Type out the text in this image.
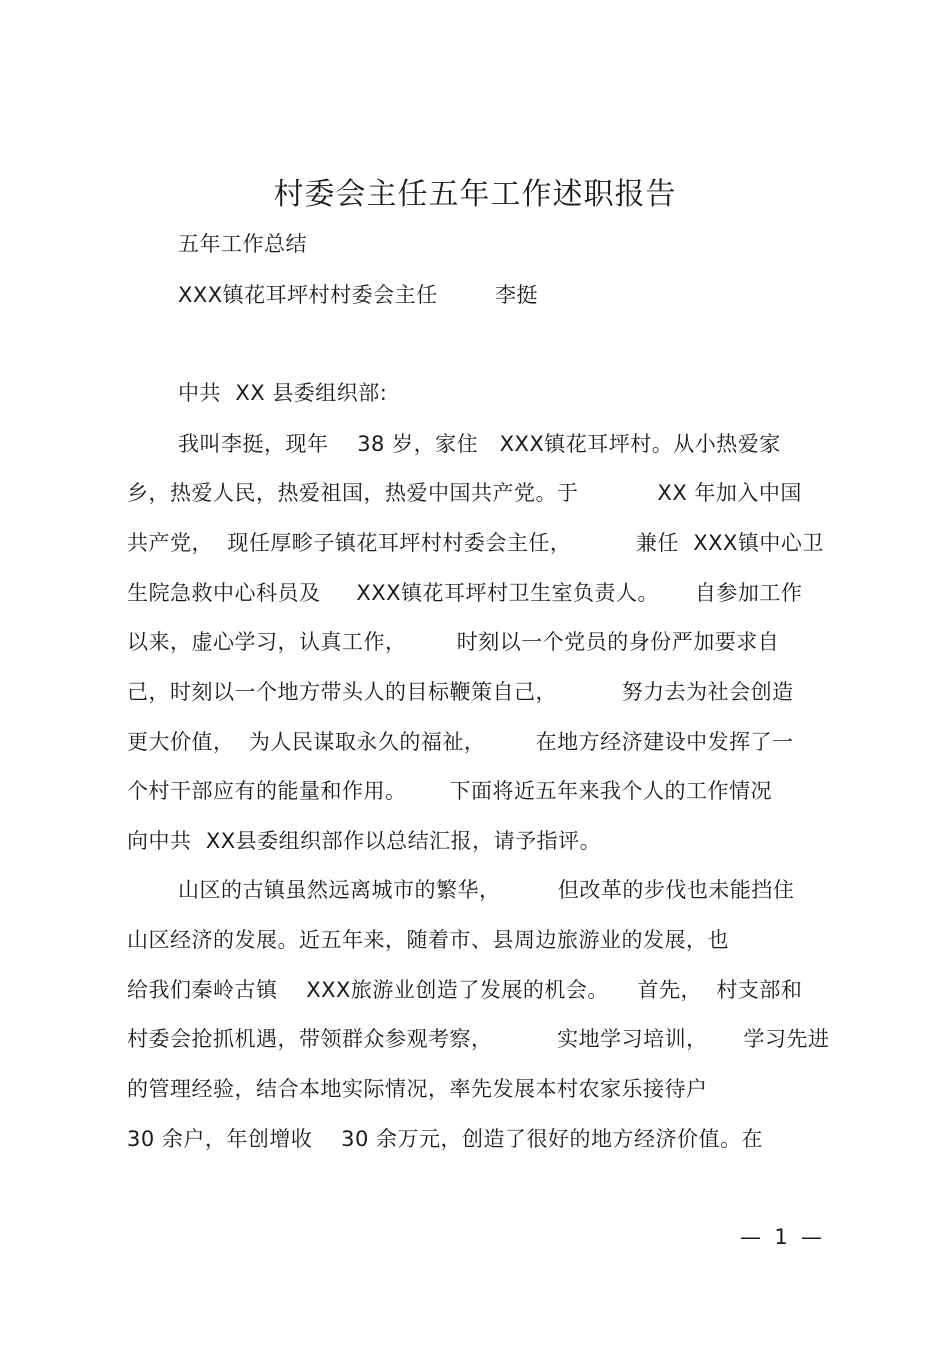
村委会主任五年工作述职报告
五年工作总结
XXX镇花耳坪村村委会主任        李挺
中共  XX 县委组织部:
我叫李挺，现年    38 岁，家住   XXX镇花耳坪村。从小热爱家
乡，热爱人民，热爱祖国，热爱中国共产党。于           XX 年加入中国
共产党，  现任厚畛子镇花耳坪村村委会主任，         兼任  XXX镇中心卫
生院急救中心科员及     XXX镇花耳坪村卫生室负责人。     自参加工作
以来，虚心学习，认真工作，       时刻以一个党员的身份严加要求自
己，时刻以一个地方带头人的目标鞭策自己，         努力去为社会创造
更大价值，  为人民谋取永久的福祉，       在地方经济建设中发挥了一
个村干部应有的能量和作用。      下面将近五年来我个人的工作情况
向中共  XX县委组织部作以总结汇报，请予指评。
山区的古镇虽然远离城市的繁华，        但改革的步伐也未能挡住
山区经济的发展。近五年来，随着市、县周边旅游业的发展，也
给我们秦岭古镇    XXX旅游业创造了发展的机会。    首先，  村支部和
村委会抢抓机遇，带领群众参观考察，         实地学习培训，     学习先进
的管理经验，结合本地实际情况，率先发展本村农家乐接待户
30 余户，年创增收    30 余万元，创造了很好的地方经济价值。在
—  1  —
